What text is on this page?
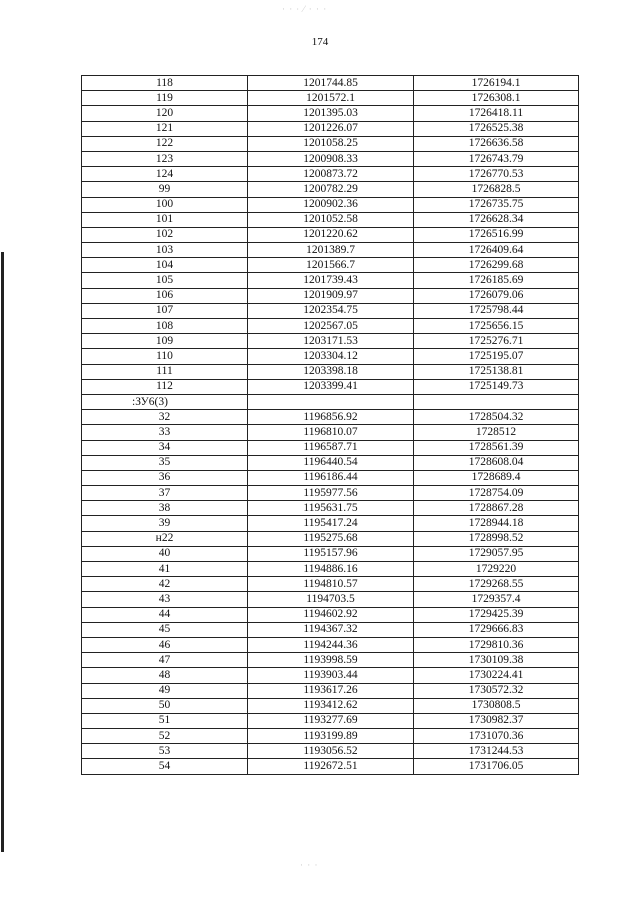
· · ∙ ⁄ · · ·
· · ·
174
118	1201744.85	1726194.1
119	1201572.1	1726308.1
120	1201395.03	1726418.11
121	1201226.07	1726525.38
122	1201058.25	1726636.58
123	1200908.33	1726743.79
124	1200873.72	1726770.53
99	1200782.29	1726828.5
100	1200902.36	1726735.75
101	1201052.58	1726628.34
102	1201220.62	1726516.99
103	1201389.7	1726409.64
104	1201566.7	1726299.68
105	1201739.43	1726185.69
106	1201909.97	1726079.06
107	1202354.75	1725798.44
108	1202567.05	1725656.15
109	1203171.53	1725276.71
110	1203304.12	1725195.07
111	1203398.18	1725138.81
112	1203399.41	1725149.73
:ЗУ6(3)		
32	1196856.92	1728504.32
33	1196810.07	1728512
34	1196587.71	1728561.39
35	1196440.54	1728608.04
36	1196186.44	1728689.4
37	1195977.56	1728754.09
38	1195631.75	1728867.28
39	1195417.24	1728944.18
н22	1195275.68	1728998.52
40	1195157.96	1729057.95
41	1194886.16	1729220
42	1194810.57	1729268.55
43	1194703.5	1729357.4
44	1194602.92	1729425.39
45	1194367.32	1729666.83
46	1194244.36	1729810.36
47	1193998.59	1730109.38
48	1193903.44	1730224.41
49	1193617.26	1730572.32
50	1193412.62	1730808.5
51	1193277.69	1730982.37
52	1193199.89	1731070.36
53	1193056.52	1731244.53
54	1192672.51	1731706.05
